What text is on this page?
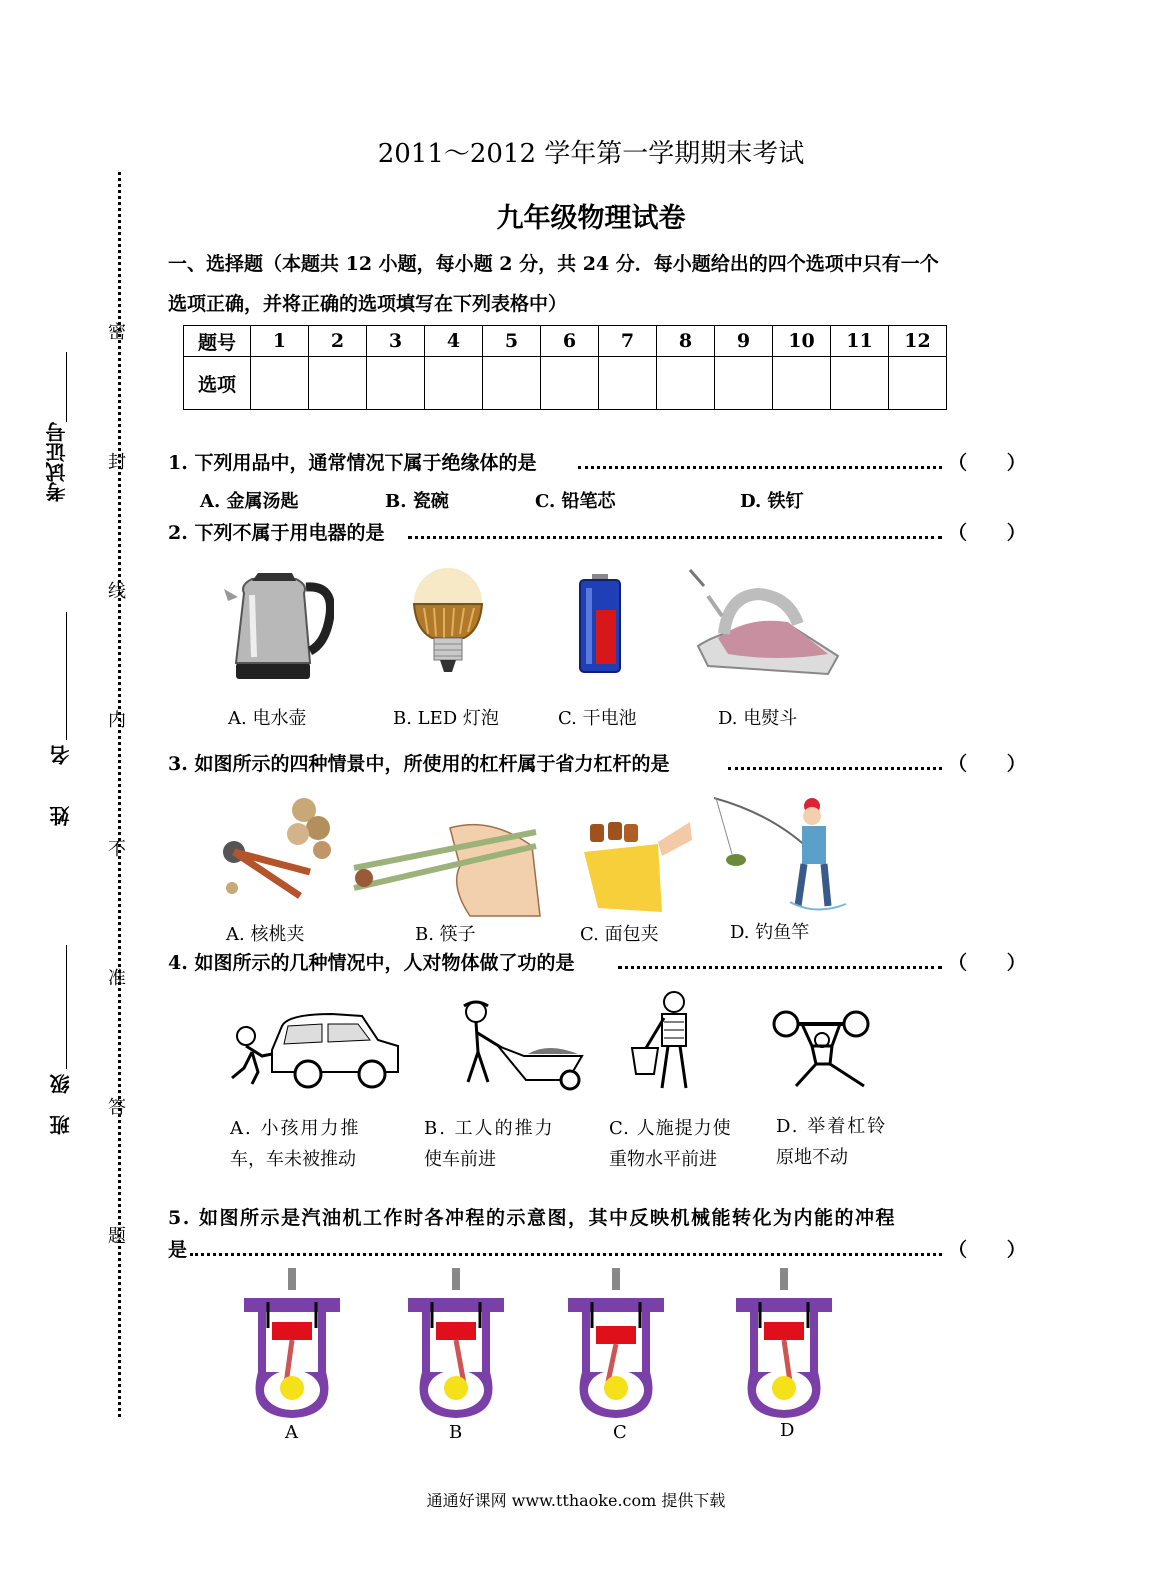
密
封
线
内
不
准
答
题
考试证号
姓
名
班
级
2011～2012 学年第一学期期末考试
九年级物理试卷
一、选择题（本题共 12 小题，每小题 2 分，共 24 分．每小题给出的四个选项中只有一个
选项正确，并将正确的选项填写在下列表格中）
题号	1	2	3	4	5	6	7	8	9	10	11	12
选项												
1. 下列用品中，通常情况下属于绝缘体的是	（      ）
A. 金属汤匙	B. 瓷碗	C. 铅笔芯	D. 铁钉
2. 下列不属于用电器的是	（      ）
A. 电水壶	B. LED 灯泡	C. 干电池	D. 电熨斗
3. 如图所示的四种情景中，所使用的杠杆属于省力杠杆的是	（      ）
A. 核桃夹	B. 筷子	C. 面包夹	D. 钓鱼竿
4. 如图所示的几种情况中，人对物体做了功的是	（      ）
A. 小孩用力推
车，车未被推动
B. 工人的推力
使车前进
C. 人施提力使
重物水平前进
D. 举着杠铃
原地不动
5. 如图所示是汽油机工作时各冲程的示意图，其中反映机械能转化为内能的冲程
是	（      ）
A	B	C	D
通通好课网 www.tthaoke.com 提供下载
